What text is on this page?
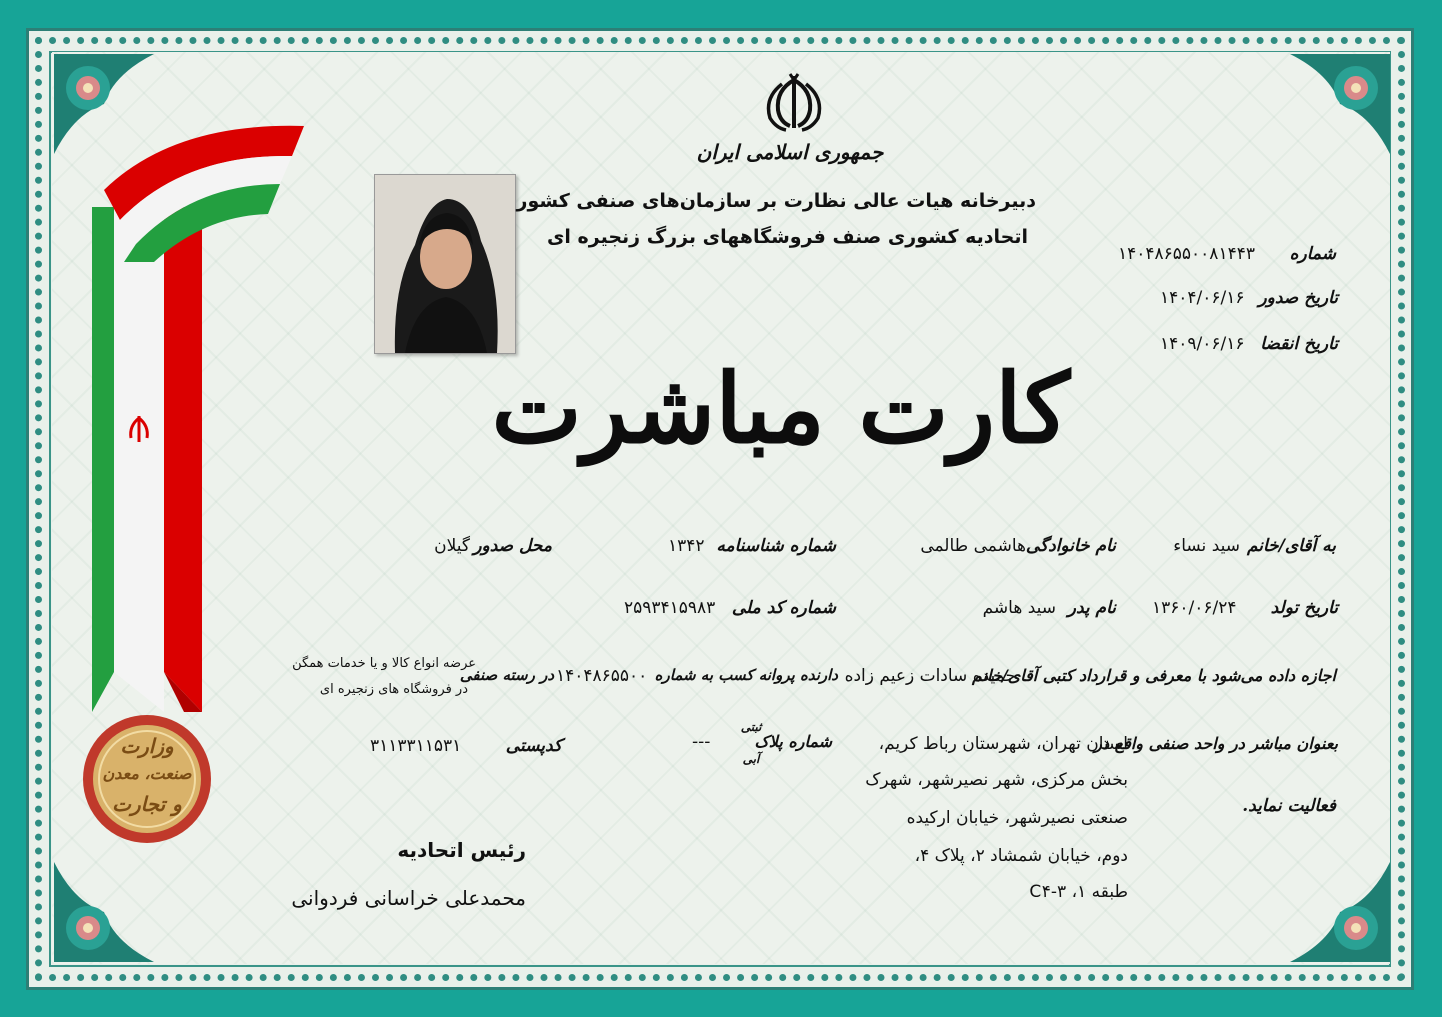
وزارت
صنعت، معدن
و تجارت
جمهوری اسلامی ایران
دبیرخانه هیات عالی نظارت بر سازمان‌های صنفی کشور
اتحادیه کشوری صنف فروشگاههای بزرگ زنجیره ای
شماره
۱۴۰۴۸۶۵۵۰۰۸۱۴۴۳
تاریخ صدور
۱۴۰۴/۰۶/۱۶
تاریخ انقضا
۱۴۰۹/۰۶/۱۶
کارت مباشرت
به آقای/خانم
سید نساء
نام خانوادگی
هاشمی طالمی
شماره شناسنامه
۱۳۴۲
محل صدور
گیلان
تاریخ تولد
۱۳۶۰/۰۶/۲۴
نام پدر
سید هاشم
شماره کد ملی
۲۵۹۳۴۱۵۹۸۳
اجازه داده می‌شود با معرفی و قرارداد کتبی آقای/خانم
حمیده سادات زعیم زاده
دارنده پروانه کسب به شماره
۱۴۰۴۸۶۵۵۰۰
در رسته صنفی
عرضه انواع کالا و یا خدمات همگن
در فروشگاه های زنجیره ای
بعنوان مباشر در واحد صنفی واقع در
استان تهران، شهرستان رباط کریم،
بخش مرکزی، شهر نصیرشهر، شهرک
صنعتی نصیرشهر، خیابان ارکیده
دوم، خیابان شمشاد ۲، پلاک ۴،
طبقه ۱، C۴-۳
شماره پلاک
ثبتی
آبی
---
کدپستی
۳۱۱۳۳۱۱۵۳۱
فعالیت نماید.
رئیس اتحادیه
محمدعلی خراسانی فردوانی
